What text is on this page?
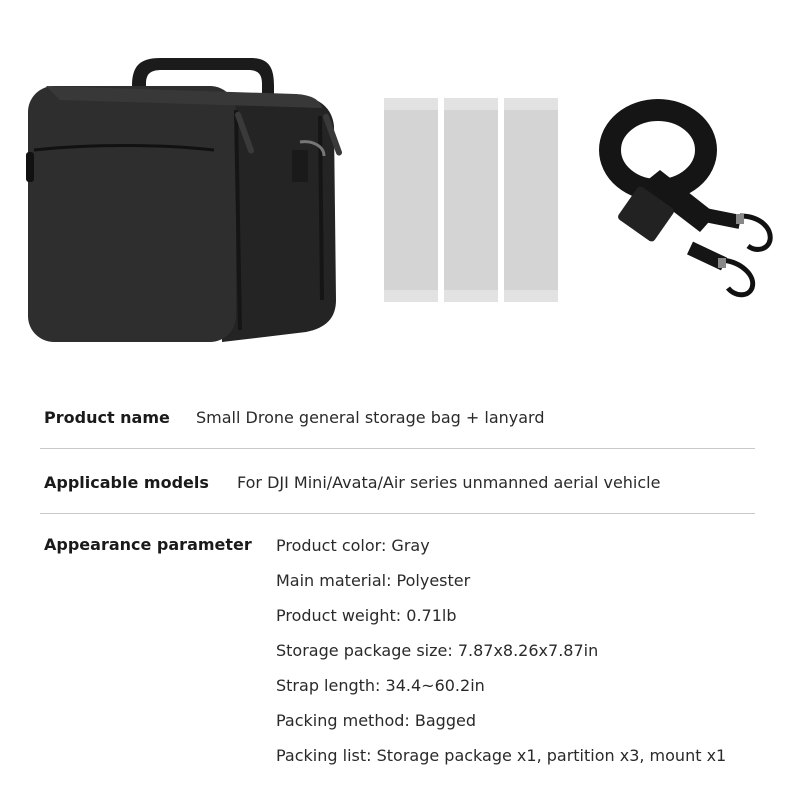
Product name Small Drone general storage bag + lanyard
Applicable models For DJI Mini/Avata/Air series unmanned aerial vehicle
Appearance parameter Product color: Gray
Main material: Polyester
Product weight: 0.71lb
Storage package size: 7.87x8.26x7.87in
Strap length: 34.4~60.2in
Packing method: Bagged
Packing list: Storage package x1, partition x3, mount x1
